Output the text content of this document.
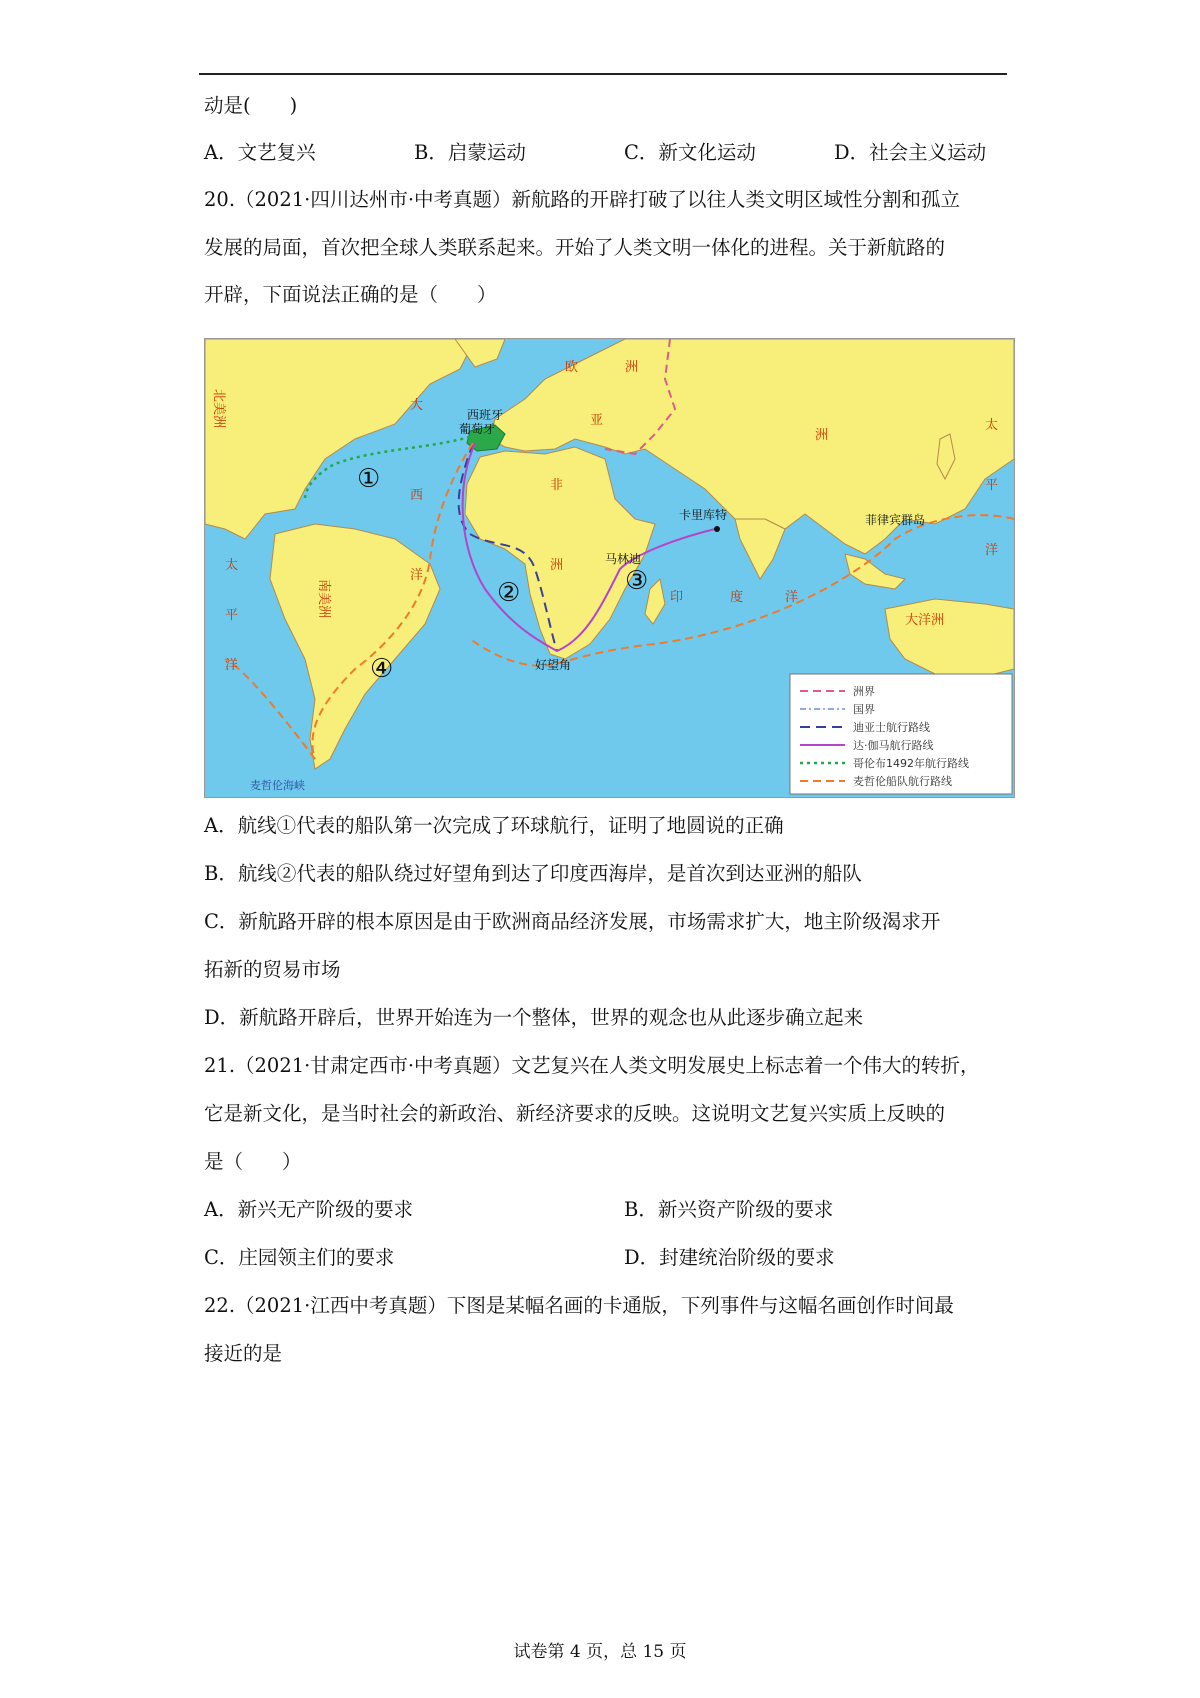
动是(　　)
A．文艺复兴	B．启蒙运动	C．新文化运动	D．社会主义运动
20.（2021·四川达州市·中考真题）新航路的开辟打破了以往人类文明区域性分割和孤立
发展的局面，首次把全球人类联系起来。开始了人类文明一体化的进程。关于新航路的
开辟，下面说法正确的是（　　）
①
②	③
④
北美洲
南美洲
欧	洲
亚
洲
非
洲
大洋洲
大
西
洋
太
平
洋
太
平
洋
印	度	洋
西班牙
葡萄牙
卡里库特
马林迪
菲律宾群岛
好望角
麦哲伦海峡
洲界
国界
迪亚士航行路线
达·伽马航行路线
哥伦布1492年航行路线
麦哲伦船队航行路线
A．航线①代表的船队第一次完成了环球航行，证明了地圆说的正确
B．航线②代表的船队绕过好望角到达了印度西海岸，是首次到达亚洲的船队
C．新航路开辟的根本原因是由于欧洲商品经济发展，市场需求扩大，地主阶级渴求开
拓新的贸易市场
D．新航路开辟后，世界开始连为一个整体，世界的观念也从此逐步确立起来
21.（2021·甘肃定西市·中考真题）文艺复兴在人类文明发展史上标志着一个伟大的转折，
它是新文化，是当时社会的新政治、新经济要求的反映。这说明文艺复兴实质上反映的
是（　　）
A．新兴无产阶级的要求	B．新兴资产阶级的要求
C．庄园领主们的要求	D．封建统治阶级的要求
22.（2021·江西中考真题）下图是某幅名画的卡通版，下列事件与这幅名画创作时间最
接近的是
试卷第 4 页，总 15 页
